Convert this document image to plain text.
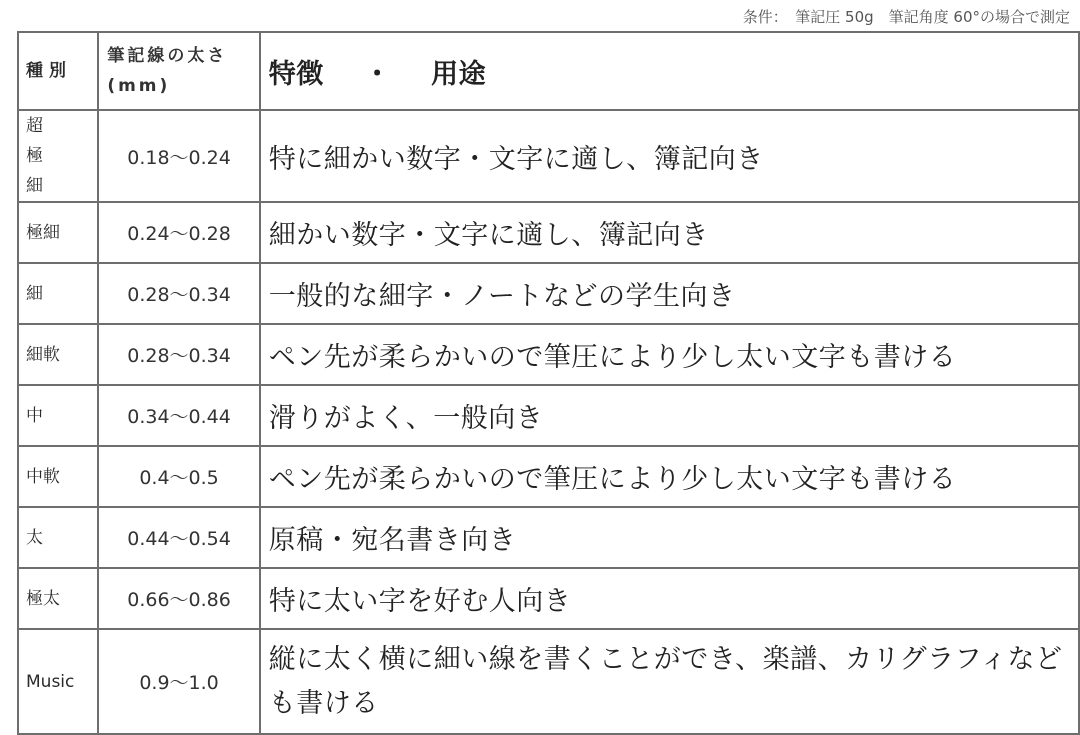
条件：　筆記圧 50g　筆記角度 60°の場合で測定
種別	筆記線の太さ(mm)	特徴 ・ 用途
超極細	0.18〜0.24	特に細かい数字・文字に適し、簿記向き
極細	0.24〜0.28	細かい数字・文字に適し、簿記向き
細	0.28〜0.34	一般的な細字・ノートなどの学生向き
細軟	0.28〜0.34	ペン先が柔らかいので筆圧により少し太い文字も書ける
中	0.34〜0.44	滑りがよく、一般向き
中軟	0.4〜0.5	ペン先が柔らかいので筆圧により少し太い文字も書ける
太	0.44〜0.54	原稿・宛名書き向き
極太	0.66〜0.86	特に太い字を好む人向き
Music	0.9〜1.0	縦に太く横に細い線を書くことができ、楽譜、カリグラフィなども書ける
